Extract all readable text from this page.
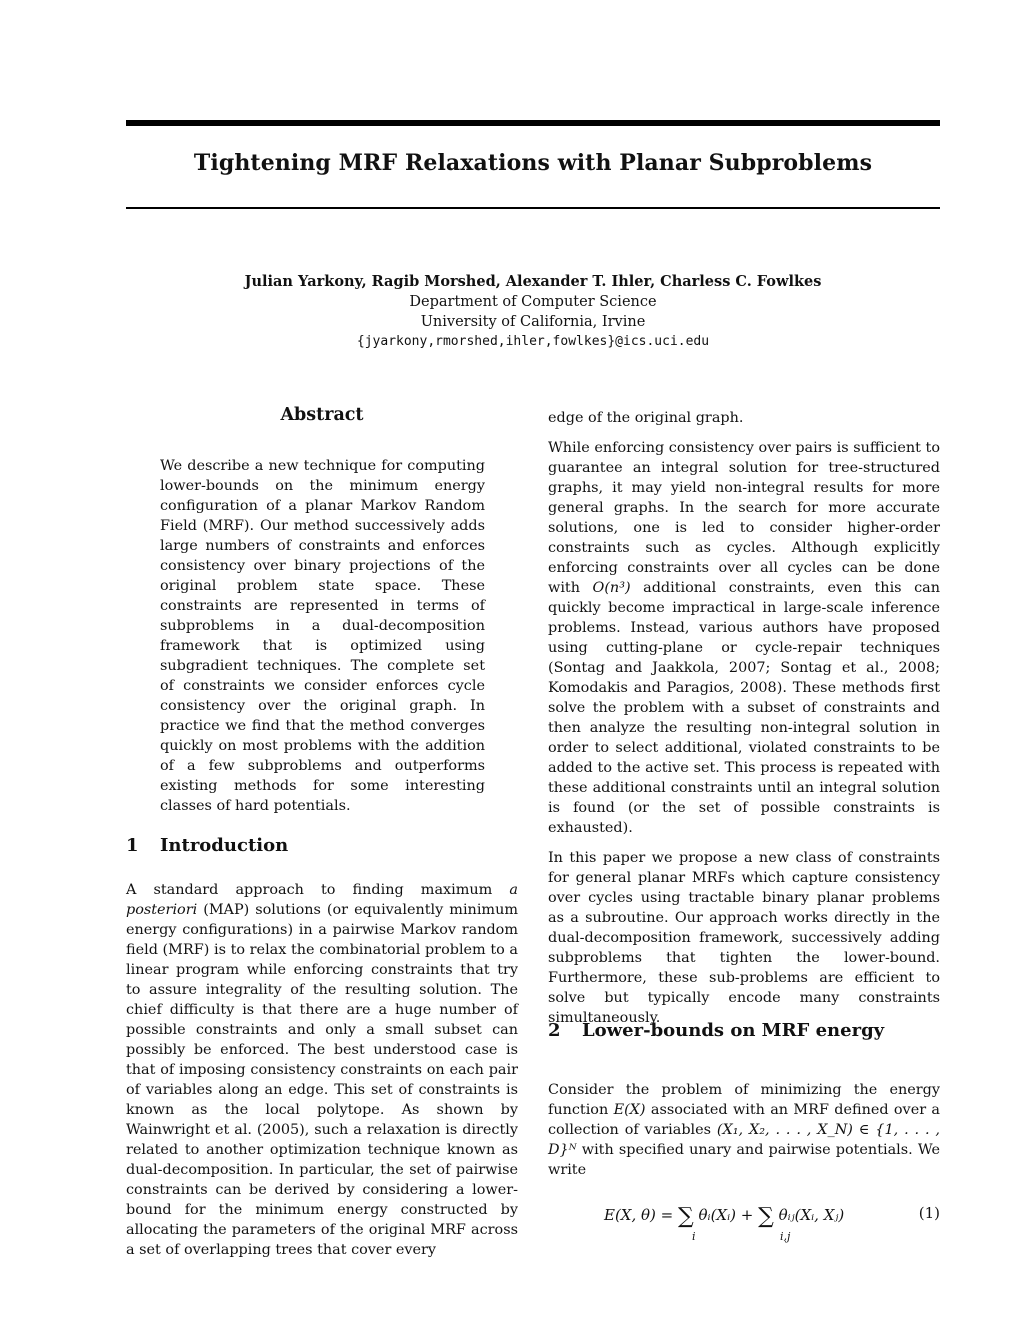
Tightening MRF Relaxations with Planar Subproblems
Julian Yarkony, Ragib Morshed, Alexander T. Ihler, Charless C. Fowlkes
Department of Computer Science
University of California, Irvine
{jyarkony,rmorshed,ihler,fowlkes}@ics.uci.edu
Abstract
We describe a new technique for computing lower-bounds on the minimum energy configuration of a planar Markov Random Field (MRF). Our method successively adds large numbers of constraints and enforces consistency over binary projections of the original problem state space. These constraints are represented in terms of subproblems in a dual-decomposition framework that is optimized using subgradient techniques. The complete set of constraints we consider enforces cycle consistency over the original graph. In practice we find that the method converges quickly on most problems with the addition of a few subproblems and outperforms existing methods for some interesting classes of hard potentials.
1 Introduction

A standard approach to finding maximum a posteriori (MAP) solutions (or equivalently minimum energy configurations) in a pairwise Markov random field (MRF) is to relax the combinatorial problem to a linear program while enforcing constraints that try to assure integrality of the resulting solution. The chief difficulty is that there are a huge number of possible constraints and only a small subset can possibly be enforced. The best understood case is that of imposing consistency constraints on each pair of variables along an edge. This set of constraints is known as the local polytope. As shown by Wainwright et al. (2005), such a relaxation is directly related to another optimization technique known as dual-decomposition. In particular, the set of pairwise constraints can be derived by considering a lower-bound for the minimum energy constructed by allocating the parameters of the original MRF across a set of overlapping trees that cover every

edge of the original graph.

While enforcing consistency over pairs is sufficient to guarantee an integral solution for tree-structured graphs, it may yield non-integral results for more general graphs. In the search for more accurate solutions, one is led to consider higher-order constraints such as cycles. Although explicitly enforcing constraints over all cycles can be done with O(n³) additional constraints, even this can quickly become impractical in large-scale inference problems. Instead, various authors have proposed using cutting-plane or cycle-repair techniques (Sontag and Jaakkola, 2007; Sontag et al., 2008; Komodakis and Paragios, 2008). These methods first solve the problem with a subset of constraints and then analyze the resulting non-integral solution in order to select additional, violated constraints to be added to the active set. This process is repeated with these additional constraints until an integral solution is found (or the set of possible constraints is exhausted).

In this paper we propose a new class of constraints for general planar MRFs which capture consistency over cycles using tractable binary planar problems as a subroutine. Our approach works directly in the dual-decomposition framework, successively adding subproblems that tighten the lower-bound. Furthermore, these sub-problems are efficient to solve but typically encode many constraints simultaneously.

2 Lower-bounds on MRF energy

Consider the problem of minimizing the energy function E(X) associated with an MRF defined over a collection of variables (X₁, X₂, . . . , X_N) ∈ {1, . . . , D}ᴺ with specified unary and pairwise potentials. We write

E(X, θ) = ∑ θᵢ(Xᵢ) + ∑ θᵢⱼ(Xᵢ, Xⱼ)
i	i,j
(1)
